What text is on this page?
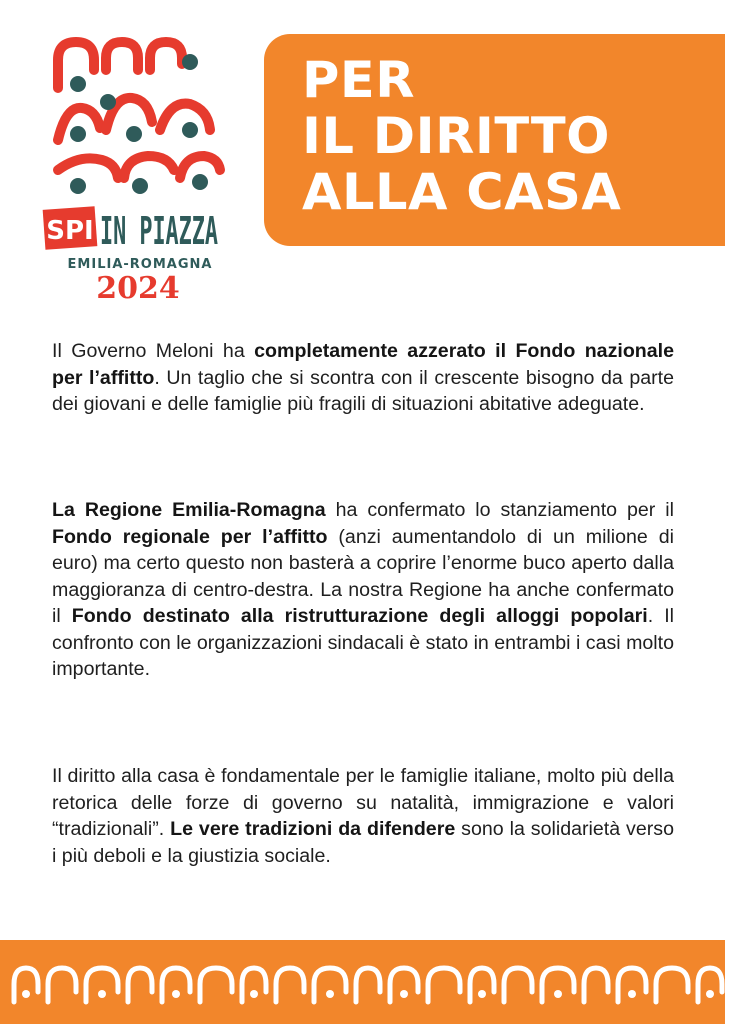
SPI IN PIAZZA
EMILIA-ROMAGNA
2024
PER
IL DIRITTO
ALLA CASA

Il Governo Meloni ha completamente azzerato il Fondo nazionale per l’affitto. Un taglio che si scontra con il crescente bisogno da parte dei giovani e delle famiglie più fragili di situazioni abitative adeguate.

La Regione Emilia-Romagna ha confermato lo stanziamento per il Fondo regionale per l’affitto (anzi aumentandolo di un milione di euro) ma certo questo non basterà a coprire l’enorme buco aperto dalla maggioranza di centro-destra. La nostra Regione ha anche confermato il Fondo destinato alla ristrutturazione degli alloggi popolari. Il confronto con le organizzazioni sindacali è stato in entrambi i casi molto importante.

Il diritto alla casa è fondamentale per le famiglie italiane, molto più della retorica delle forze di governo su natalità, immigrazione e valori “tradizionali”. Le vere tradizioni da difendere sono la solidarietà verso i più deboli e la giustizia sociale.
